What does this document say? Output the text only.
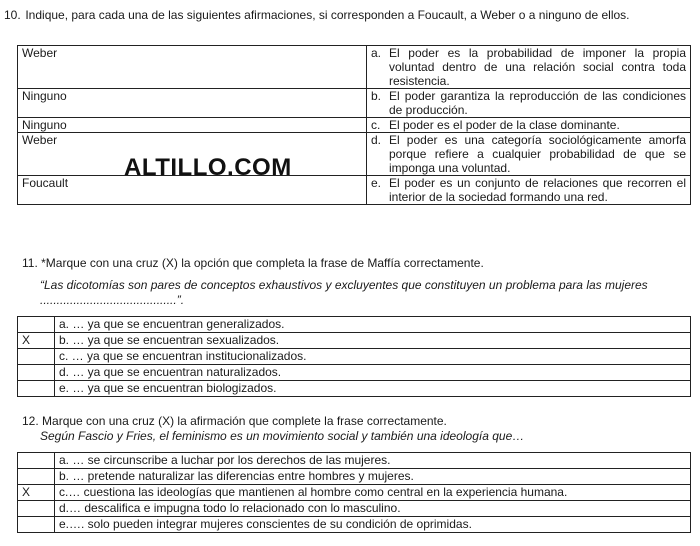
10. Indique, para cada una de las siguientes afirmaciones, si corresponden a Foucault, a Weber o a ninguno de ellos.
Weber	a. El poder es la probabilidad de imponer la propia voluntad dentro de una relación social contra toda resistencia.

Ninguno	b. El poder garantiza la reproducción de las condiciones de producción.

Ninguno	c. El poder es el poder de la clase dominante.

Weber	d. El poder es una categoría sociológicamente amorfa porque refiere a cualquier probabilidad de que se imponga una voluntad.

Foucault	e. El poder es un conjunto de relaciones que recorren el interior de la sociedad formando una red.
ALTILLO.COM
11. *Marque con una cruz (X) la opción que completa la frase de Maffía correctamente.
“Las dicotomías son pares de conceptos exhaustivos y excluyentes que constituyen un problema para las mujeres .........................................”.
	a. … ya que se encuentran generalizados.
X	b. … ya que se encuentran sexualizados.
	c. … ya que se encuentran institucionalizados.
	d. … ya que se encuentran naturalizados.
	e. … ya que se encuentran biologizados.
12. Marque con una cruz (X) la afirmación que complete la frase correctamente.
Según Fascio y Fries, el feminismo es un movimiento social y también una ideología que…
	a. … se circunscribe a luchar por los derechos de las mujeres.
	b. … pretende naturalizar las diferencias entre hombres y mujeres.
X	c.… cuestiona las ideologías que mantienen al hombre como central en la experiencia humana.
	d.… descalifica e impugna todo lo relacionado con lo masculino.
	e.…. solo pueden integrar mujeres conscientes de su condición de oprimidas.
